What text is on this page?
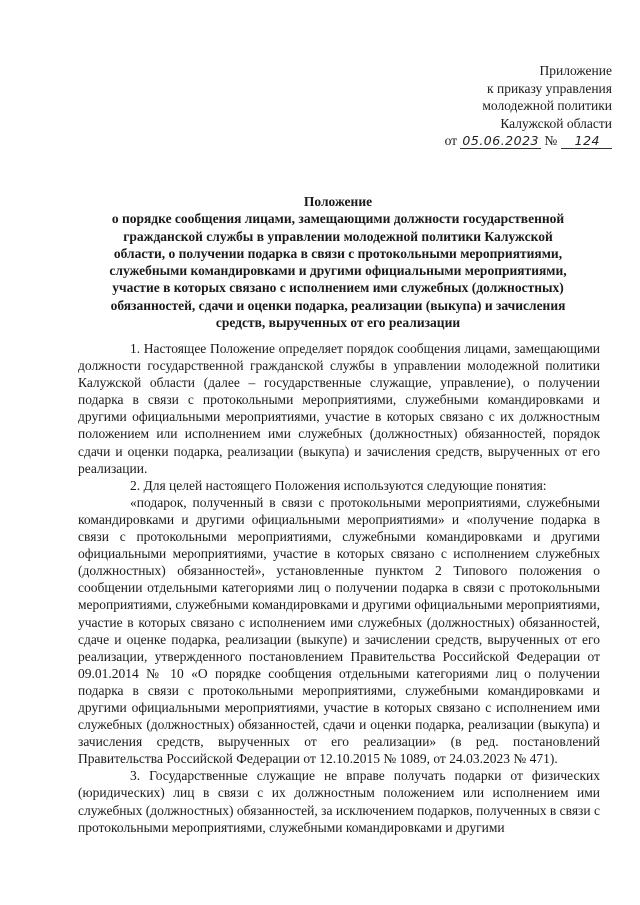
Приложение
к приказу управления
молодежной политики
Калужской области
от 05.06.2023 № 124
Положение
о порядке сообщения лицами, замещающими должности государственной гражданской службы в управлении молодежной политики Калужской области, о получении подарка в связи с протокольными мероприятиями, служебными командировками и другими официальными мероприятиями, участие в которых связано с исполнением ими служебных (должностных) обязанностей, сдачи и оценки подарка, реализации (выкупа) и зачисления средств, вырученных от его реализации

1. Настоящее Положение определяет порядок сообщения лицами, замещающими должности государственной гражданской службы в управлении молодежной политики Калужской области (далее – государственные служащие, управление), о получении подарка в связи с протокольными мероприятиями, служебными командировками и другими официальными мероприятиями, участие в которых связано с их должностным положением или исполнением ими служебных (должностных) обязанностей, порядок сдачи и оценки подарка, реализации (выкупа) и зачисления средств, вырученных от его реализации.

2. Для целей настоящего Положения используются следующие понятия:

«подарок, полученный в связи с протокольными мероприятиями, служебными командировками и другими официальными мероприятиями» и «получение подарка в связи с протокольными мероприятиями, служебными командировками и другими официальными мероприятиями, участие в которых связано с исполнением служебных (должностных) обязанностей», установленные пунктом 2 Типового положения о сообщении отдельными категориями лиц о получении подарка в связи с протокольными мероприятиями, служебными командировками и другими официальными мероприятиями, участие в которых связано с исполнением ими служебных (должностных) обязанностей, сдаче и оценке подарка, реализации (выкупе) и зачислении средств, вырученных от его реализации, утвержденного постановлением Правительства Российской Федерации от 09.01.2014 № 10 «О порядке сообщения отдельными категориями лиц о получении подарка в связи с протокольными мероприятиями, служебными командировками и другими официальными мероприятиями, участие в которых связано с исполнением ими служебных (должностных) обязанностей, сдачи и оценки подарка, реализации (выкупа) и зачисления средств, вырученных от его реализации» (в ред. постановлений Правительства Российской Федерации от 12.10.2015 № 1089, от 24.03.2023 № 471).

3. Государственные служащие не вправе получать подарки от физических (юридических) лиц в связи с их должностным положением или исполнением ими служебных (должностных) обязанностей, за исключением подарков, полученных в связи с протокольными мероприятиями, служебными командировками и другими
